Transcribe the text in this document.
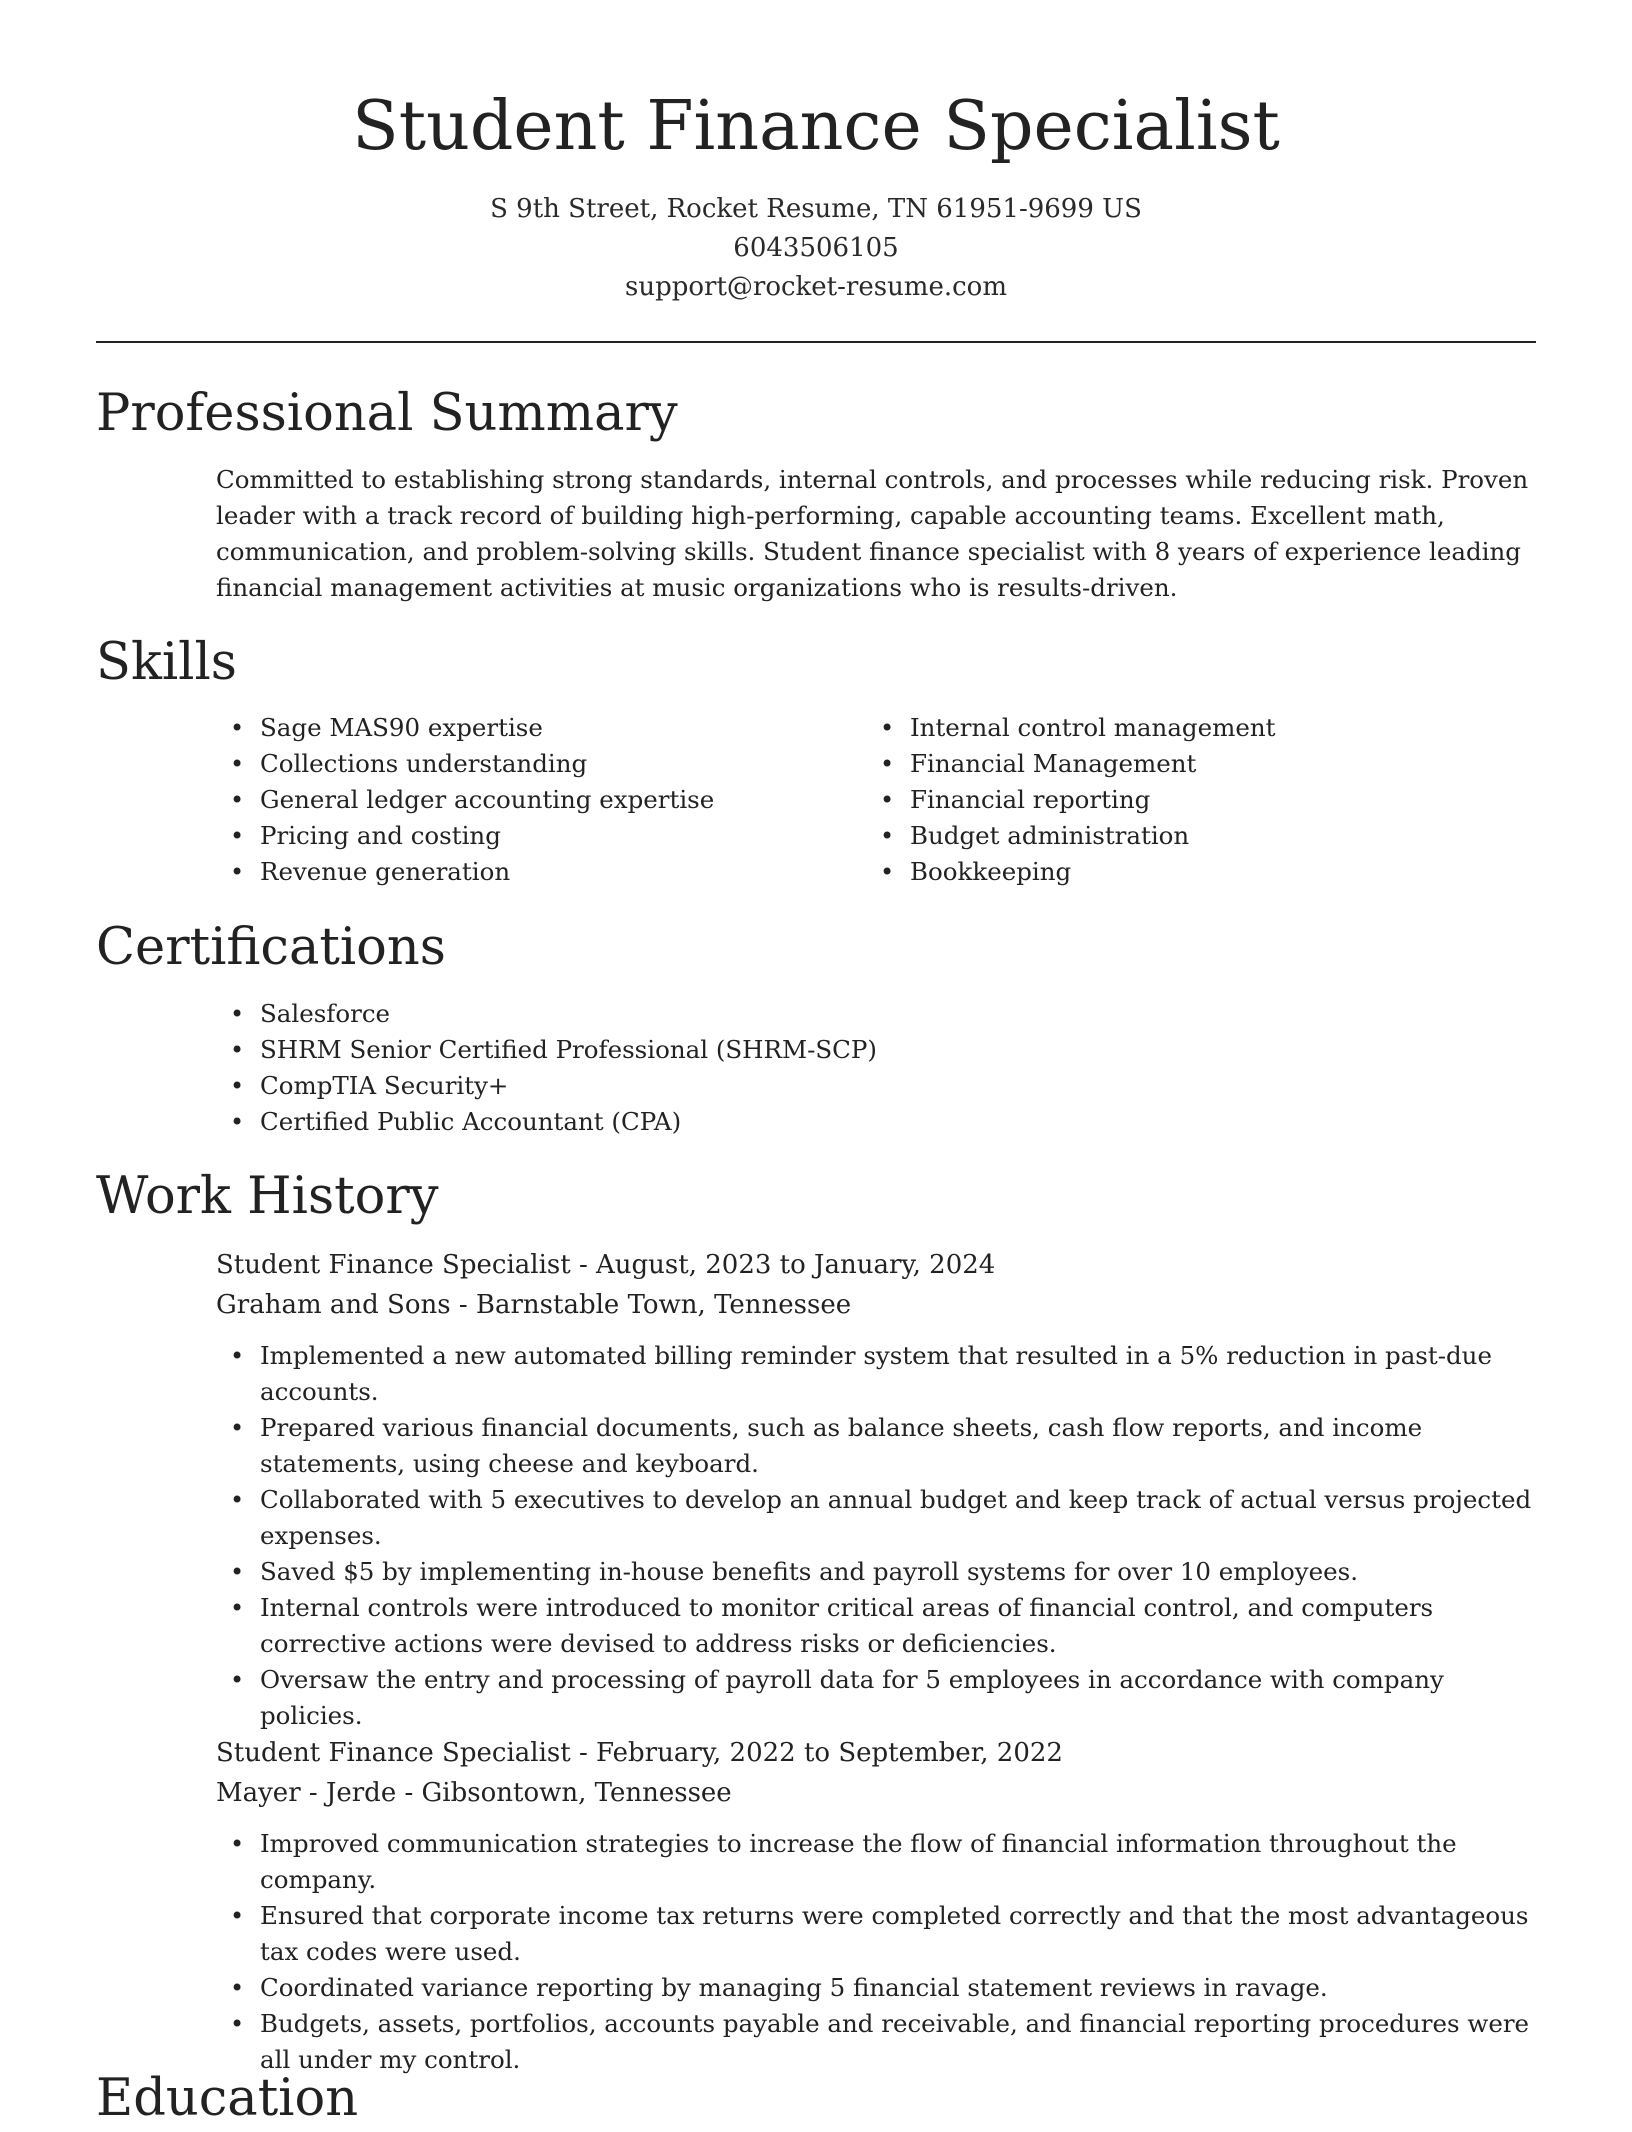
Student Finance Specialist
S 9th Street, Rocket Resume, TN 61951-9699 US
6043506105
support@rocket-resume.com
Professional Summary

Committed to establishing strong standards, internal controls, and processes while reducing risk. Proven leader with a track record of building high-performing, capable accounting teams. Excellent math, communication, and problem-solving skills. Student finance specialist with 8 years of experience leading financial management activities at music organizations who is results-driven.

Skills
• Sage MAS90 expertise
• Collections understanding
• General ledger accounting expertise
• Pricing and costing
• Revenue generation
• Internal control management
• Financial Management
• Financial reporting
• Budget administration
• Bookkeeping
Certifications
• Salesforce
• SHRM Senior Certified Professional (SHRM-SCP)
• CompTIA Security+
• Certified Public Accountant (CPA)
Work History
Student Finance Specialist - August, 2023 to January, 2024
Graham and Sons - Barnstable Town, Tennessee
• Implemented a new automated billing reminder system that resulted in a 5% reduction in past-due accounts.
• Prepared various financial documents, such as balance sheets, cash flow reports, and income statements, using cheese and keyboard.
• Collaborated with 5 executives to develop an annual budget and keep track of actual versus projected expenses.
• Saved $5 by implementing in-house benefits and payroll systems for over 10 employees.
• Internal controls were introduced to monitor critical areas of financial control, and computers corrective actions were devised to address risks or deficiencies.
• Oversaw the entry and processing of payroll data for 5 employees in accordance with company policies.
Student Finance Specialist - February, 2022 to September, 2022
Mayer - Jerde - Gibsontown, Tennessee
• Improved communication strategies to increase the flow of financial information throughout the company.
• Ensured that corporate income tax returns were completed correctly and that the most advantageous tax codes were used.
• Coordinated variance reporting by managing 5 financial statement reviews in ravage.
• Budgets, assets, portfolios, accounts payable and receivable, and financial reporting procedures were all under my control.
Education
